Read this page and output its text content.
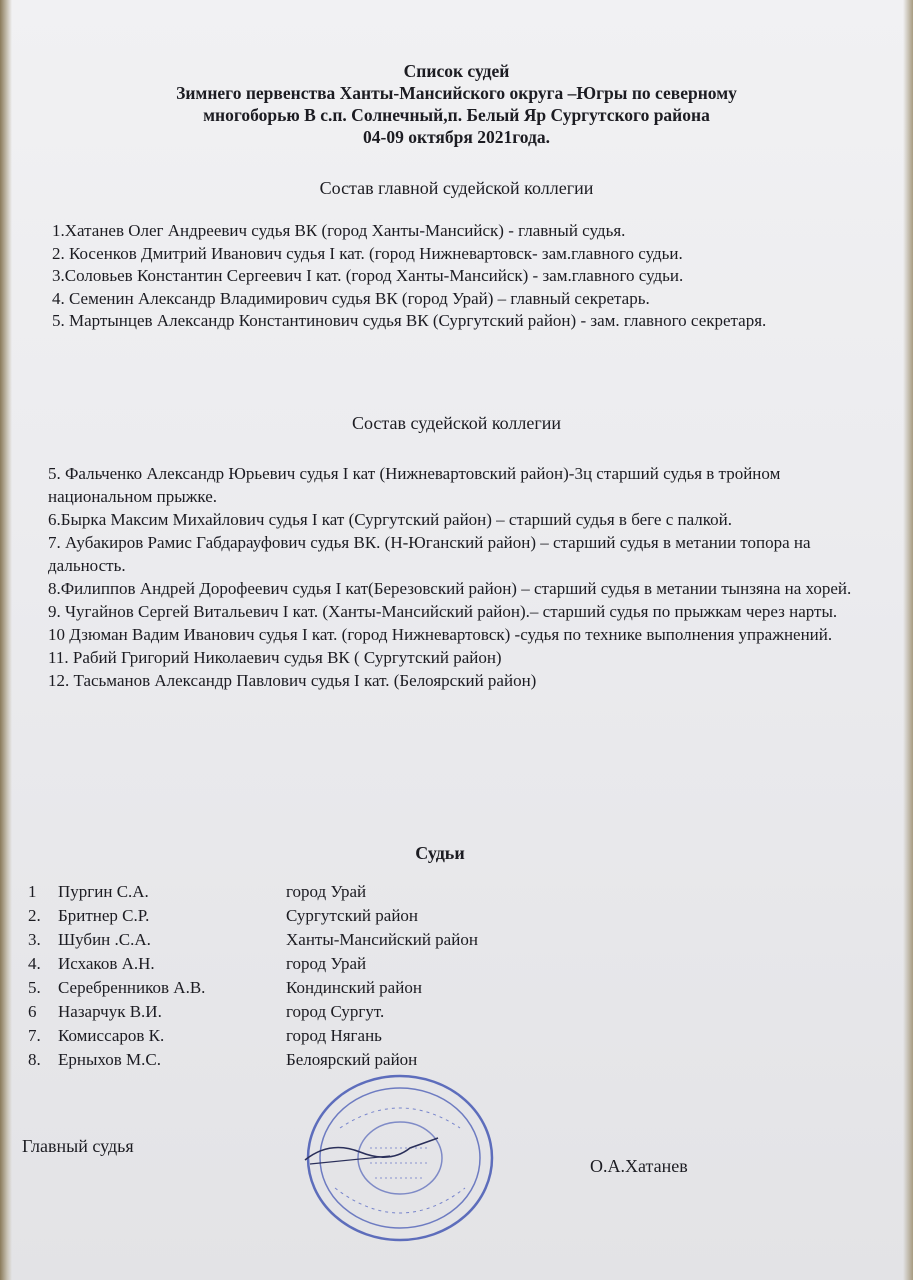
Список судей
Зимнего первенства Ханты-Мансийского округа –Югры по северному
многоборью В с.п. Солнечный,п. Белый Яр Сургутского района
04-09 октября 2021года.
Состав главной судейской коллегии

1.Хатанев Олег Андреевич судья ВК (город Ханты-Мансийск) - главный судья.

2. Косенков Дмитрий Иванович судья I кат. (город Нижневартовск- зам.главного судьи.

3.Соловьев Константин Сергеевич I кат. (город Ханты-Мансийск) - зам.главного судьи.

4. Семенин Александр Владимирович судья ВК (город Урай) – главный секретарь.

5. Мартынцев Александр Константинович судья ВК (Сургутский район) - зам. главного секретаря.

Состав судейской коллегии

5. Фальченко Александр Юрьевич судья I кат (Нижневартовский район)-3ц старший судья в тройном национальном прыжке.

6.Быркa Максим Михайлович судья I кат (Сургутский район) – старший судья в беге с палкой.

7. Аубакиров Рамис Габдарауфович судья ВК. (Н-Юганский район) – старший судья в метании топора на дальность.

8.Филиппов Андрей Дорофеевич судья I кат(Березовский район) – старший судья в метании тынзяна на хорей.

9. Чугайнов Сергей Витальевич I кат. (Ханты-Мансийский район).– старший судья по прыжкам через нарты.

10 Дзюман Вадим Иванович судья I кат. (город Нижневартовск) -судья по технике выполнения упражнений.

11. Рабий Григорий Николаевич судья ВК ( Сургутский район)

12. Тасьманов Александр Павлович судья I кат. (Белоярский район)

Судьи
1 Пургин С.А.	город Урай
2. Бритнер С.Р.	Сургутский район
3. Шубин .С.А.	Ханты-Мансийский район
4. Исхаков А.Н.	город Урай
5. Серебренников А.В.	Кондинский район
6 Назарчук В.И.	город Сургут.
7. Комиссаров К.	город Нягань
8. Ерныхов М.С.	Белоярский район
Главный судья
О.А.Хатанев
